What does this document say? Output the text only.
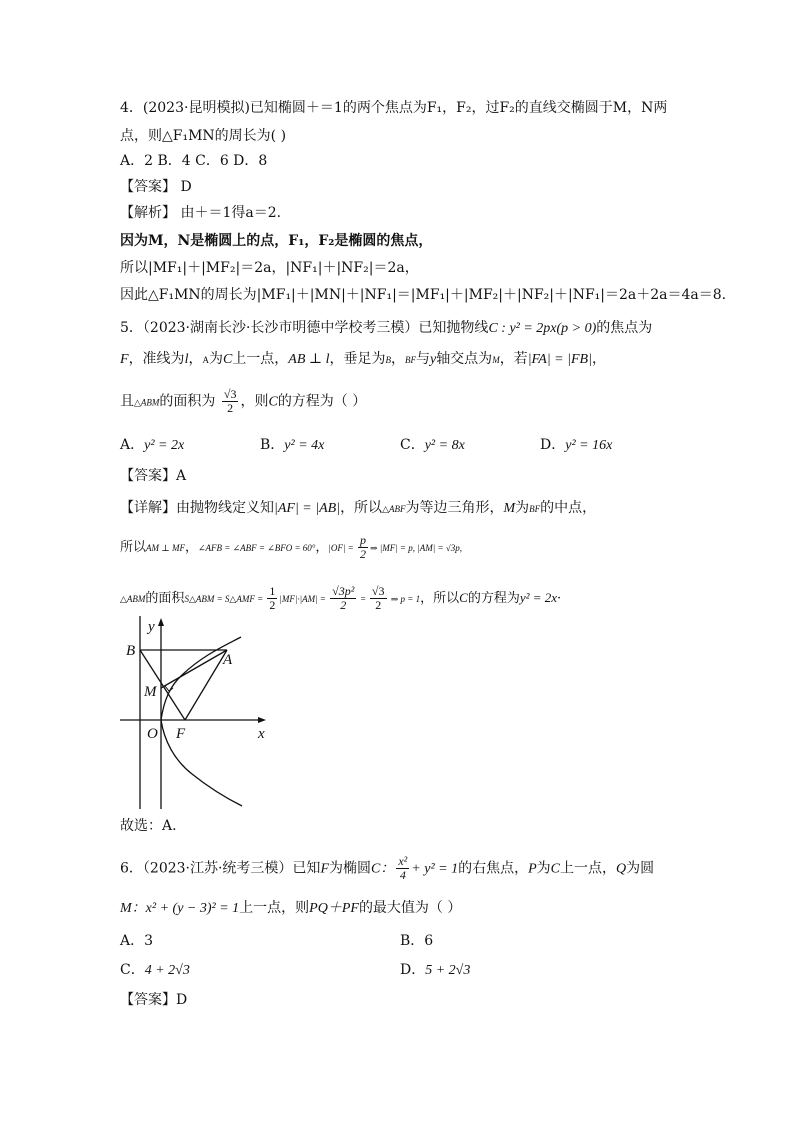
4．(2023·昆明模拟)已知椭圆＋＝1的两个焦点为F₁，F₂，过F₂的直线交椭圆于M，N两
点，则△F₁MN的周长为( )
A．2 B．4 C．6 D．8
【答案】 D
【解析】 由＋＝1得a＝2.
因为M，N是椭圆上的点，F₁，F₂是椭圆的焦点，
所以|MF₁|＋|MF₂|＝2a，|NF₁|＋|NF₂|＝2a，
因此△F₁MN的周长为|MF₁|＋|MN|＋|NF₁|＝|MF₁|＋|MF₂|＋|NF₂|＋|NF₁|＝2a＋2a＝4a＝8.
5．（2023·湖南长沙·长沙市明德中学校考三模）已知抛物线C : y² = 2px(p > 0)的焦点为
F，准线为l，A为C上一点，AB ⊥ l，垂足为B，BF与y轴交点为M，若|FA| = |FB|，
且△ABM的面积为 $\frac{√3}{2}$ ，则C的方程为（ ）
A．y² = 2x	B．y² = 4x	C．y² = 8x	D．y² = 16x
【答案】A
【详解】由抛物线定义知|AF| = |AB|，所以△ABF为等边三角形，M为BF的中点，
所以AM ⊥ MF，∠AFB = ∠ABF = ∠BFO = 60°，$|OF| = \frac{p}{2}$ ⇒ |MF| = p, |AM| = √3p,
△ABM的面积S△ABM = S△AMF = $\frac{1}{2} |MF|\cdot|AM| = \frac{\text{√3p²}}{2} = \frac{√3}{2}$ ⇒ p = 1，所以C的方程为y² = 2x·
y
x
B
A
M
O F
故选：A.
6．（2023·江苏·统考三模）已知F为椭圆C： $\frac{\text{x²}}{4} + y^2 = 1$的右焦点，P为C上一点，Q为圆
M：x² + (y − 3)² = 1上一点，则PQ＋PF的最大值为（ ）
A．3	B．6
C．4 + 2√3	D．5 + 2√3
【答案】D
